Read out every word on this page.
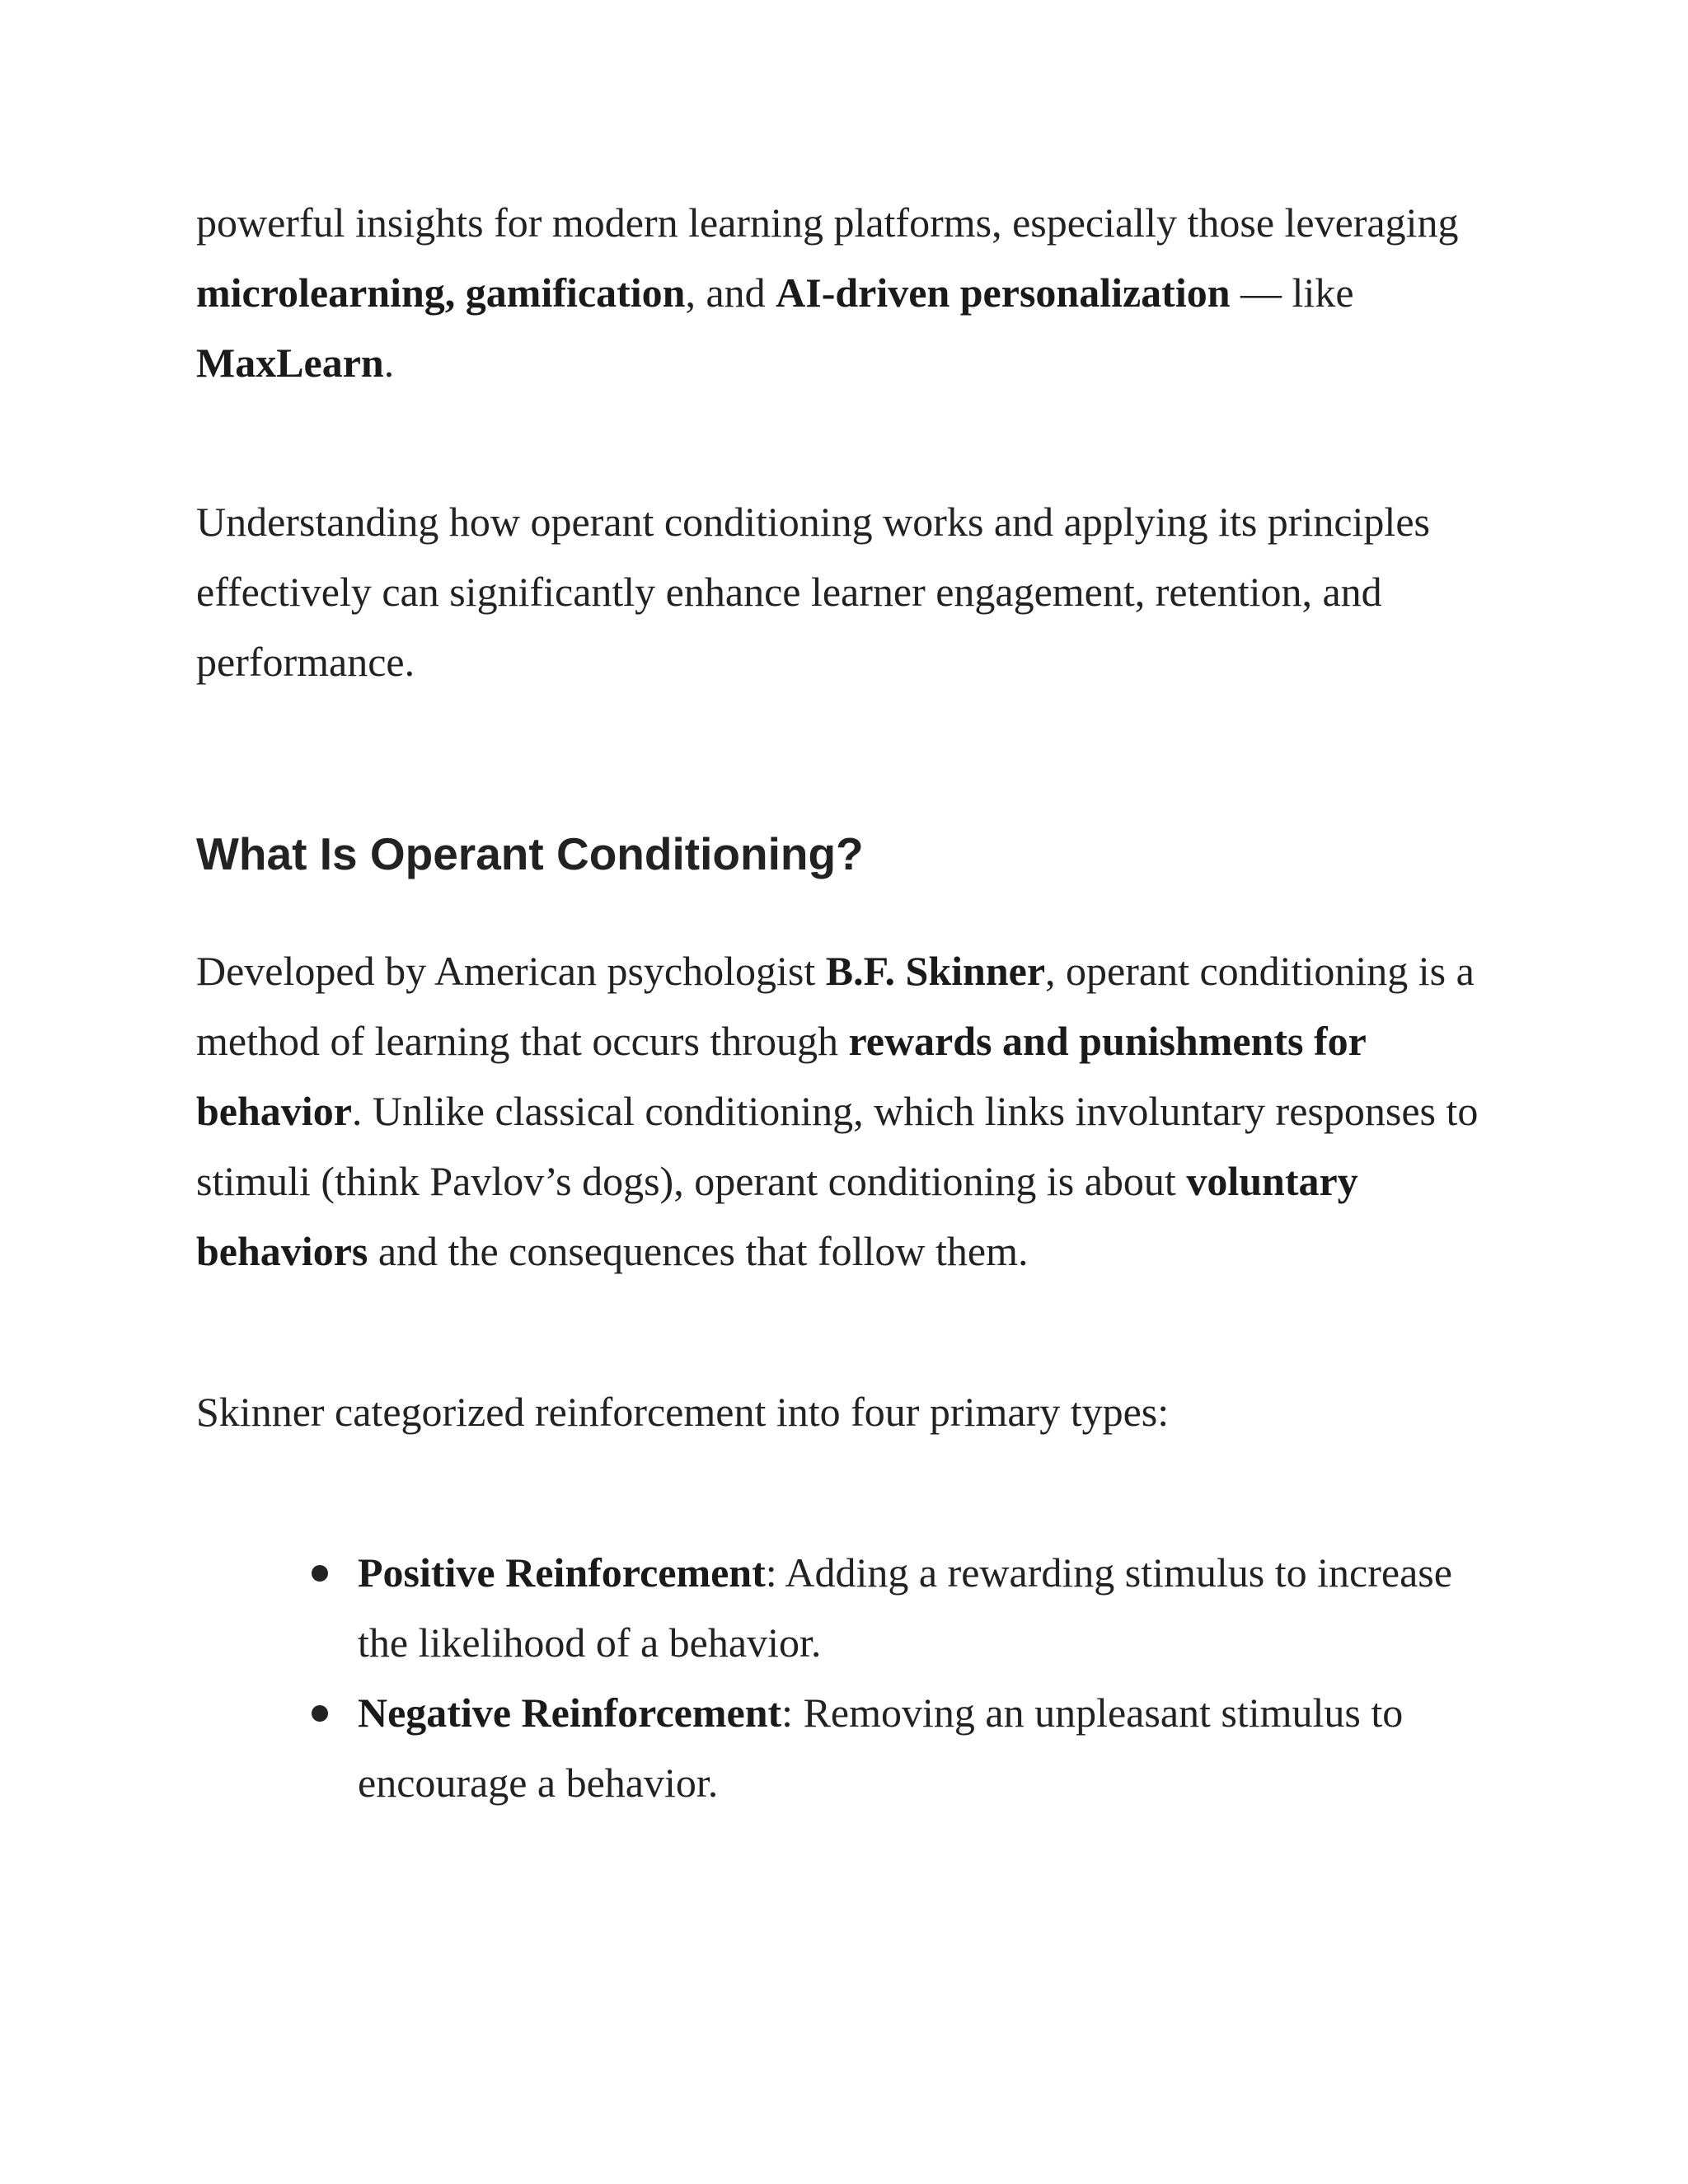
powerful insights for modern learning platforms, especially those leveraging microlearning, gamification, and AI-driven personalization — like MaxLearn.

Understanding how operant conditioning works and applying its principles effectively can significantly enhance learner engagement, retention, and performance.

What Is Operant Conditioning?

Developed by American psychologist B.F. Skinner, operant conditioning is a method of learning that occurs through rewards and punishments for behavior. Unlike classical conditioning, which links involuntary responses to stimuli (think Pavlov’s dogs), operant conditioning is about voluntary behaviors and the consequences that follow them.

Skinner categorized reinforcement into four primary types:

Positive Reinforcement: Adding a rewarding stimulus to increase the likelihood of a behavior.
Negative Reinforcement: Removing an unpleasant stimulus to encourage a behavior.
